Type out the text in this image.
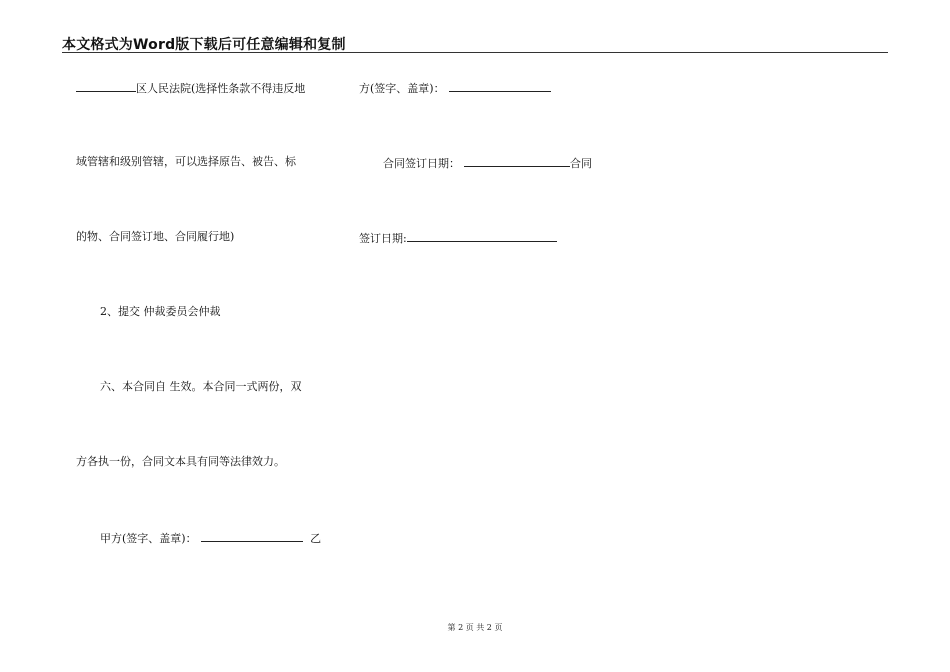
本文格式为Word版下载后可任意编辑和复制
区人民法院(选择性条款不得违反地
域管辖和级别管辖，可以选择原告、被告、标
的物、合同签订地、合同履行地)
2、提交 仲裁委员会仲裁
六、本合同自 生效。本合同一式两份，双
方各执一份，合同文本具有同等法律效力。
甲方(签字、盖章)：	乙
方(签字、盖章)：
合同签订日期：	合同
签订日期:
第 2 页 共 2 页
